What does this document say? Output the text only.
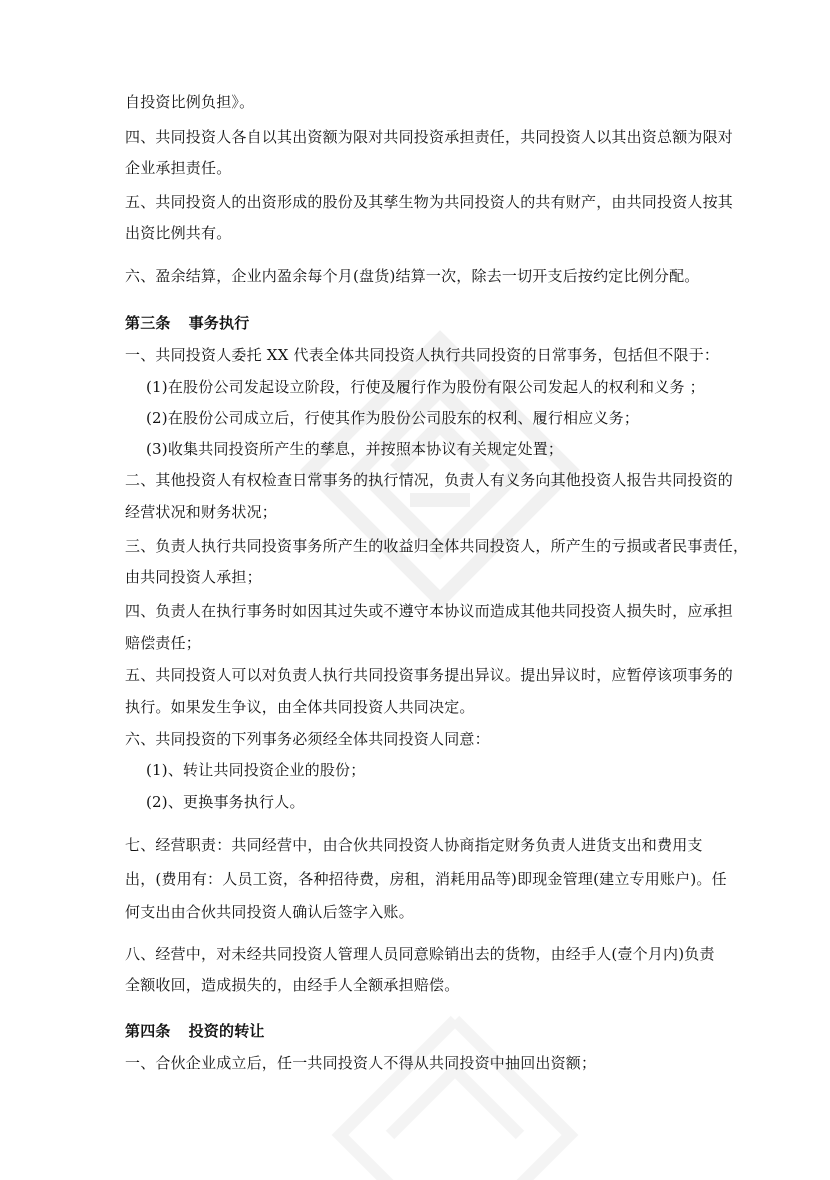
自投资比例负担》。
四、共同投资人各自以其出资额为限对共同投资承担责任，共同投资人以其出资总额为限对
企业承担责任。
五、共同投资人的出资形成的股份及其孳生物为共同投资人的共有财产，由共同投资人按其
出资比例共有。
六、盈余结算，企业内盈余每个月(盘货)结算一次，除去一切开支后按约定比例分配。
第三条 事务执行
一、共同投资人委托 XX 代表全体共同投资人执行共同投资的日常事务，包括但不限于：
(1)在股份公司发起设立阶段，行使及履行作为股份有限公司发起人的权利和义务 ；
(2)在股份公司成立后，行使其作为股份公司股东的权利、履行相应义务；
(3)收集共同投资所产生的孳息，并按照本协议有关规定处置；
二、其他投资人有权检查日常事务的执行情况，负责人有义务向其他投资人报告共同投资的
经营状况和财务状况；
三、负责人执行共同投资事务所产生的收益归全体共同投资人，所产生的亏损或者民事责任，
由共同投资人承担；
四、负责人在执行事务时如因其过失或不遵守本协议而造成其他共同投资人损失时，应承担
赔偿责任；
五、共同投资人可以对负责人执行共同投资事务提出异议。提出异议时，应暂停该项事务的
执行。如果发生争议，由全体共同投资人共同决定。
六、共同投资的下列事务必须经全体共同投资人同意：
(1)、转让共同投资企业的股份；
(2)、更换事务执行人。
七、经营职责：共同经营中，由合伙共同投资人协商指定财务负责人进货支出和费用支
出，(费用有：人员工资，各种招待费，房租，消耗用品等)即现金管理(建立专用账户)。任
何支出由合伙共同投资人确认后签字入账。
八、经营中，对未经共同投资人管理人员同意赊销出去的货物，由经手人(壹个月内)负责
全额收回，造成损失的，由经手人全额承担赔偿。
第四条 投资的转让
一、合伙企业成立后，任一共同投资人不得从共同投资中抽回出资额；
